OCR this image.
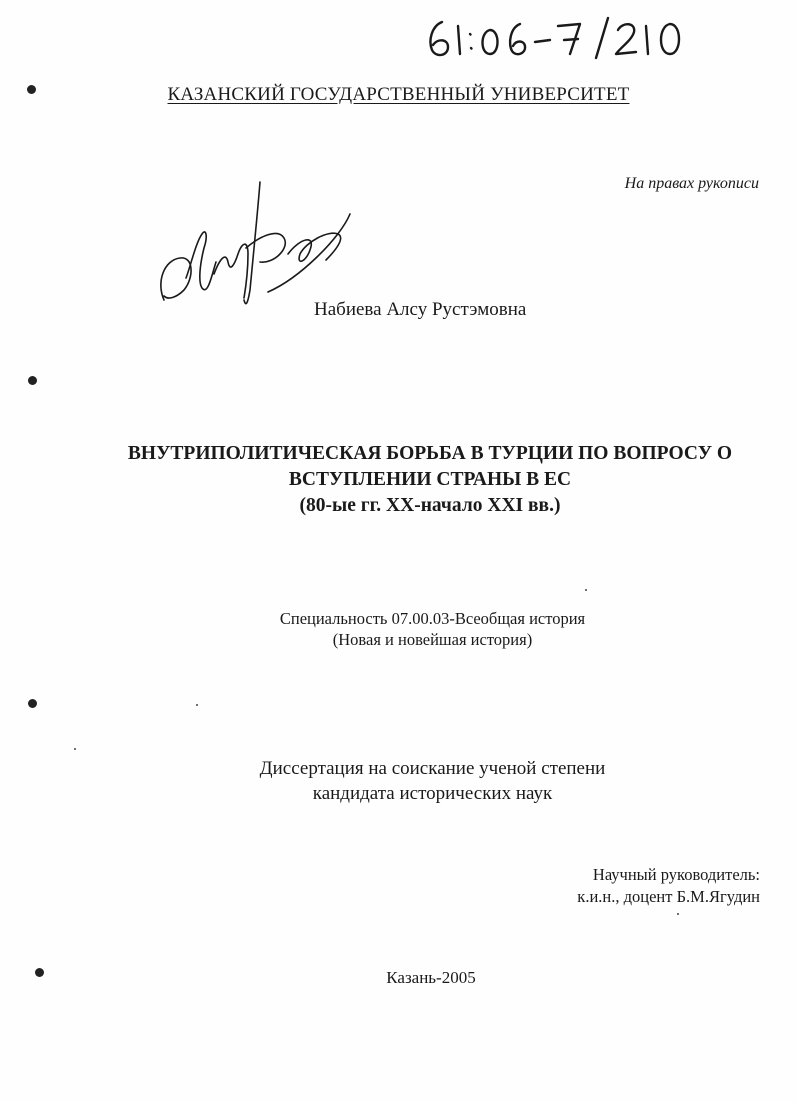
КАЗАНСКИЙ ГОСУДАРСТВЕННЫЙ УНИВЕРСИТЕТ
На правах рукописи
Набиева Алсу Рустэмовна
ВНУТРИПОЛИТИЧЕСКАЯ БОРЬБА В ТУРЦИИ ПО ВОПРОСУ О
ВСТУПЛЕНИИ СТРАНЫ В ЕС
(80-ые гг. XX-начало XXI вв.)
Специальность 07.00.03-Всеобщая история
(Новая и новейшая история)
Диссертация на соискание ученой степени
кандидата исторических наук
Научный руководитель:
к.и.н., доцент Б.М.Ягудин
Казань-2005
